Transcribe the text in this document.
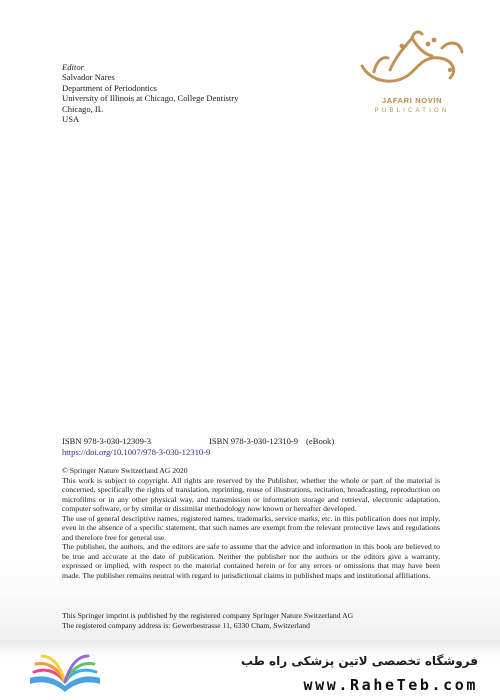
Editor
Salvador Nares
Department of Periodontics
University of Illinois at Chicago, College Dentistry
Chicago, IL
USA
JAFARI NOVIN
PUBLICATION
ISBN 978-3-030-12309-3	ISBN 978-3-030-12310-9 (eBook)
https://doi.org/10.1007/978-3-030-12310-9

© Springer Nature Switzerland AG 2020

This work is subject to copyright. All rights are reserved by the Publisher, whether the whole or part of the material is concerned, specifically the rights of translation, reprinting, reuse of illustrations, recitation, broadcasting, reproduction on microfilms or in any other physical way, and transmission or information storage and retrieval, electronic adaptation, computer software, or by similar or dissimilar methodology now known or hereafter developed.

The use of general descriptive names, registered names, trademarks, service marks, etc. in this publication does not imply, even in the absence of a specific statement, that such names are exempt from the relevant protective laws and regulations and therefore free for general use.

The publisher, the authors, and the editors are safe to assume that the advice and information in this book are believed to be true and accurate at the date of publication. Neither the publisher nor the authors or the editors give a warranty, expressed or implied, with respect to the material contained herein or for any errors or omissions that may have been made. The publisher remains neutral with regard to jurisdictional claims in published maps and institutional affiliations.

This Springer imprint is published by the registered company Springer Nature Switzerland AG
The registered company address is: Gewerbestrasse 11, 6330 Cham, Switzerland
فروشگاه تخصصی لاتین پزشکی راه طب
www.RaheTeb.com
